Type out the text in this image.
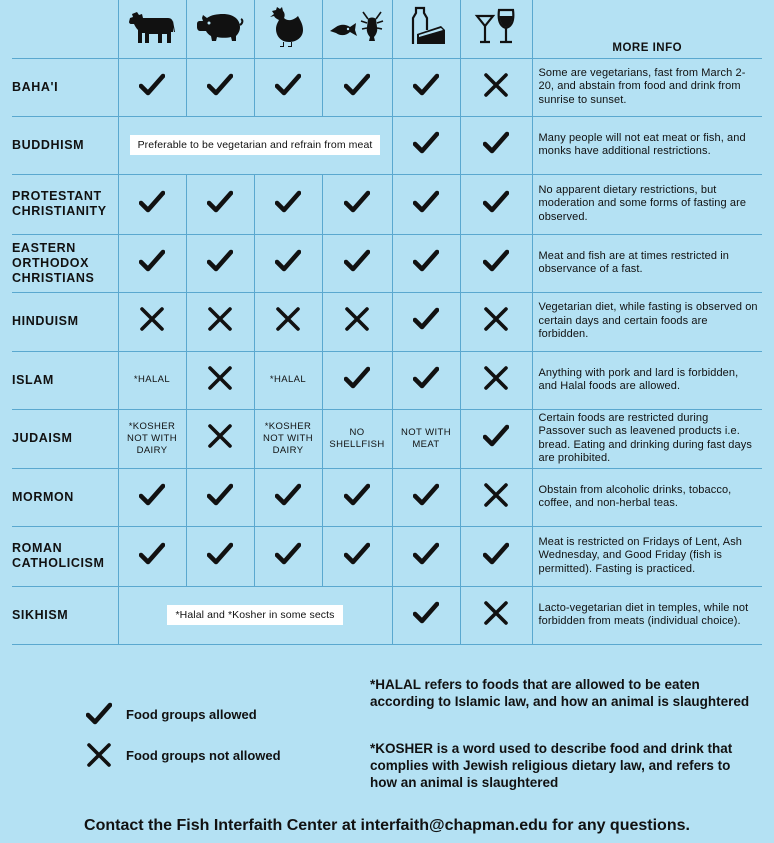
							MORE INFO
BAHA'I							Some are vegetarians, fast from March 2-20, and abstain from food and drink from sunrise to sunset.
BUDDHISM	Preferable to be vegetarian and refrain from meat						Many people will not eat meat or fish, and monks have additional restrictions.
PROTESTANT CHRISTIANITY							No apparent dietary restrictions, but moderation and some forms of fasting are observed.
EASTERN ORTHODOX CHRISTIANS							Meat and fish are at times restricted in observance of a fast.
HINDUISM							Vegetarian diet, while fasting is observed on certain days and certain foods are forbidden.
ISLAM	*HALAL		*HALAL				Anything with pork and lard is forbidden, and Halal foods are allowed.
JUDAISM	*KOSHER NOT WITH DAIRY		*KOSHER NOT WITH DAIRY	NO SHELLFISH	NOT WITH MEAT		Certain foods are restricted during Passover such as leavened products i.e. bread. Eating and drinking during fast days are prohibited.
MORMON							Obstain from alcoholic drinks, tobacco, coffee, and non-herbal teas.
ROMAN CATHOLICISM							Meat is restricted on Fridays of Lent, Ash Wednesday, and Good Friday (fish is permitted). Fasting is practiced.
SIKHISM	*Halal and *Kosher in some sects						Lacto-vegetarian diet in temples, while not forbidden from meats (individual choice).
Food groups allowed
Food groups not allowed
*HALAL refers to foods that are allowed to be eaten according to Islamic law, and how an animal is slaughtered
*KOSHER is a word used to describe food and drink that complies with Jewish religious dietary law, and refers to how an animal is slaughtered
Contact the Fish Interfaith Center at interfaith@chapman.edu for any questions.
